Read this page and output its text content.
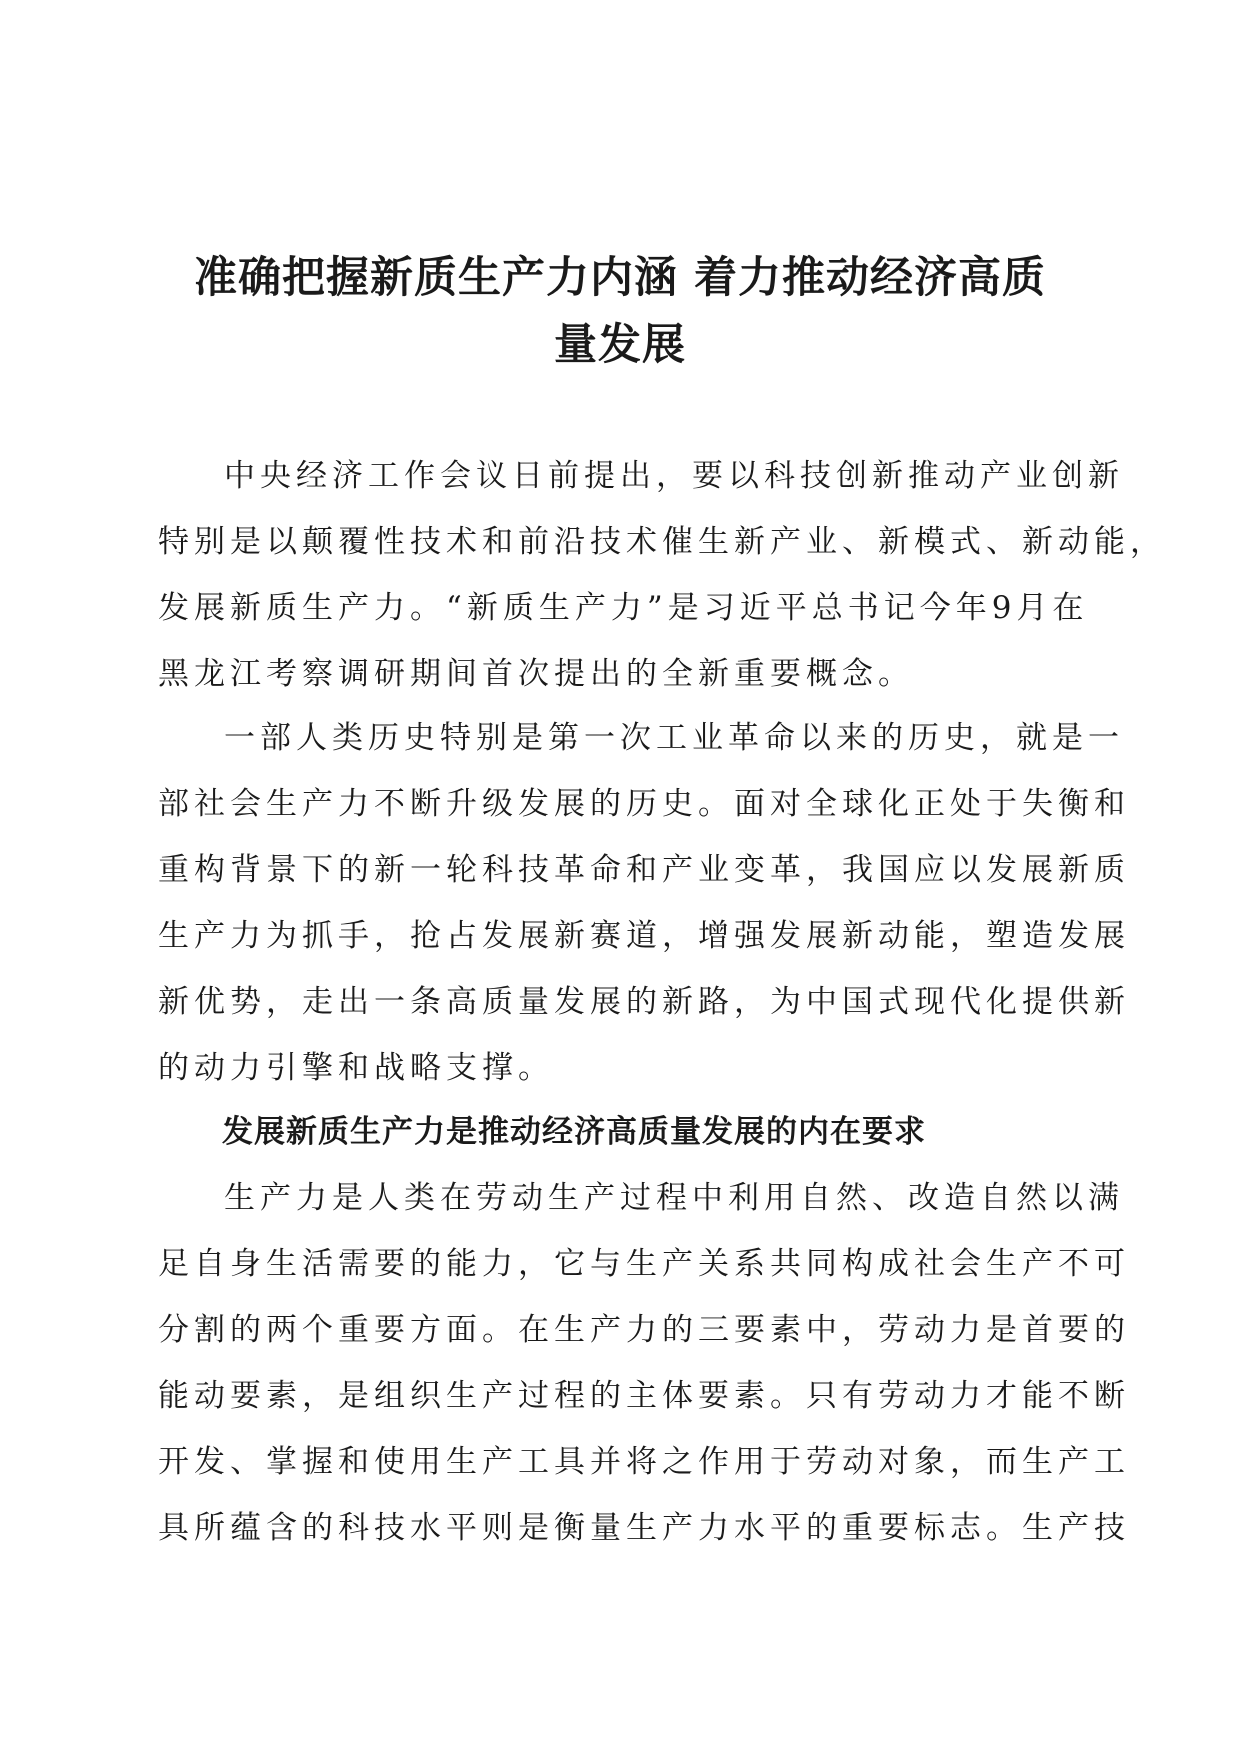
准确把握新质生产力内涵 着力推动经济高质
量发展

中央经济工作会议日前提出，要以科技创新推动产业创新
特别是以颠覆性技术和前沿技术催生新产业、新模式、新动能，
发展新质生产力。“新质生产力”是习近平总书记今年9月在
黑龙江考察调研期间首次提出的全新重要概念。

一部人类历史特别是第一次工业革命以来的历史，就是一
部社会生产力不断升级发展的历史。面对全球化正处于失衡和
重构背景下的新一轮科技革命和产业变革，我国应以发展新质
生产力为抓手，抢占发展新赛道，增强发展新动能，塑造发展
新优势，走出一条高质量发展的新路，为中国式现代化提供新
的动力引擎和战略支撑。

发展新质生产力是推动经济高质量发展的内在要求

生产力是人类在劳动生产过程中利用自然、改造自然以满
足自身生活需要的能力，它与生产关系共同构成社会生产不可
分割的两个重要方面。在生产力的三要素中，劳动力是首要的
能动要素，是组织生产过程的主体要素。只有劳动力才能不断
开发、掌握和使用生产工具并将之作用于劳动对象，而生产工
具所蕴含的科技水平则是衡量生产力水平的重要标志。生产技
